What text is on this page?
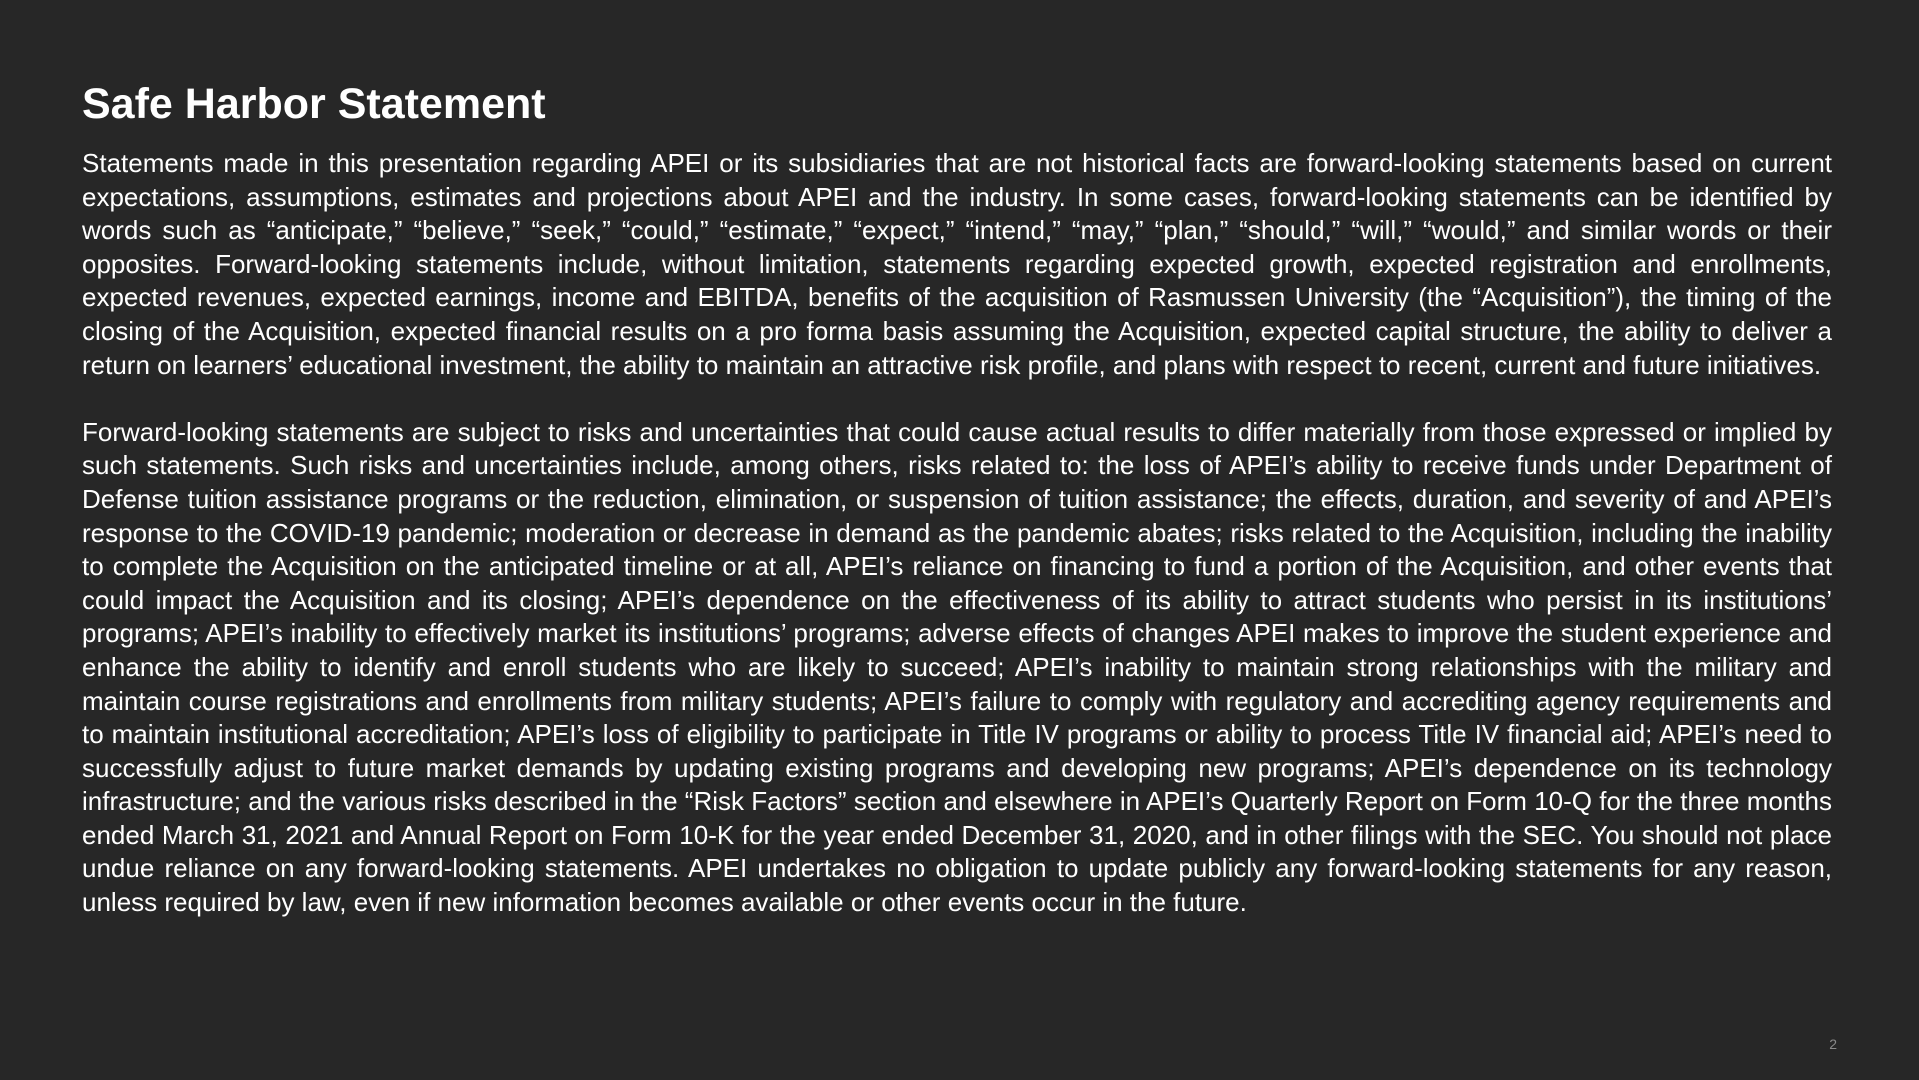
Safe Harbor Statement

Statements made in this presentation regarding APEI or its subsidiaries that are not historical facts are forward-looking statements based on current expectations, assumptions, estimates and projections about APEI and the industry. In some cases, forward-looking statements can be identified by words such as “anticipate,” “believe,” “seek,” “could,” “estimate,” “expect,” “intend,” “may,” “plan,” “should,” “will,” “would,” and similar words or their opposites. Forward-looking statements include, without limitation, statements regarding expected growth, expected registration and enrollments, expected revenues, expected earnings, income and EBITDA, benefits of the acquisition of Rasmussen University (the “Acquisition”), the timing of the closing of the Acquisition, expected financial results on a pro forma basis assuming the Acquisition, expected capital structure, the ability to deliver a return on learners’ educational investment, the ability to maintain an attractive risk profile, and plans with respect to recent, current and future initiatives.

Forward-looking statements are subject to risks and uncertainties that could cause actual results to differ materially from those expressed or implied by such statements. Such risks and uncertainties include, among others, risks related to: the loss of APEI’s ability to receive funds under Department of Defense tuition assistance programs or the reduction, elimination, or suspension of tuition assistance; the effects, duration, and severity of and APEI’s response to the COVID-19 pandemic; moderation or decrease in demand as the pandemic abates; risks related to the Acquisition, including the inability to complete the Acquisition on the anticipated timeline or at all, APEI’s reliance on financing to fund a portion of the Acquisition, and other events that could impact the Acquisition and its closing; APEI’s dependence on the effectiveness of its ability to attract students who persist in its institutions’ programs; APEI’s inability to effectively market its institutions’ programs; adverse effects of changes APEI makes to improve the student experience and enhance the ability to identify and enroll students who are likely to succeed; APEI’s inability to maintain strong relationships with the military and maintain course registrations and enrollments from military students; APEI’s failure to comply with regulatory and accrediting agency requirements and to maintain institutional accreditation; APEI’s loss of eligibility to participate in Title IV programs or ability to process Title IV financial aid; APEI’s need to successfully adjust to future market demands by updating existing programs and developing new programs; APEI’s dependence on its technology infrastructure; and the various risks described in the “Risk Factors” section and elsewhere in APEI’s Quarterly Report on Form 10-Q for the three months ended March 31, 2021 and Annual Report on Form 10-K for the year ended December 31, 2020, and in other filings with the SEC. You should not place undue reliance on any forward-looking statements. APEI undertakes no obligation to update publicly any forward-looking statements for any reason, unless required by law, even if new information becomes available or other events occur in the future.

2
